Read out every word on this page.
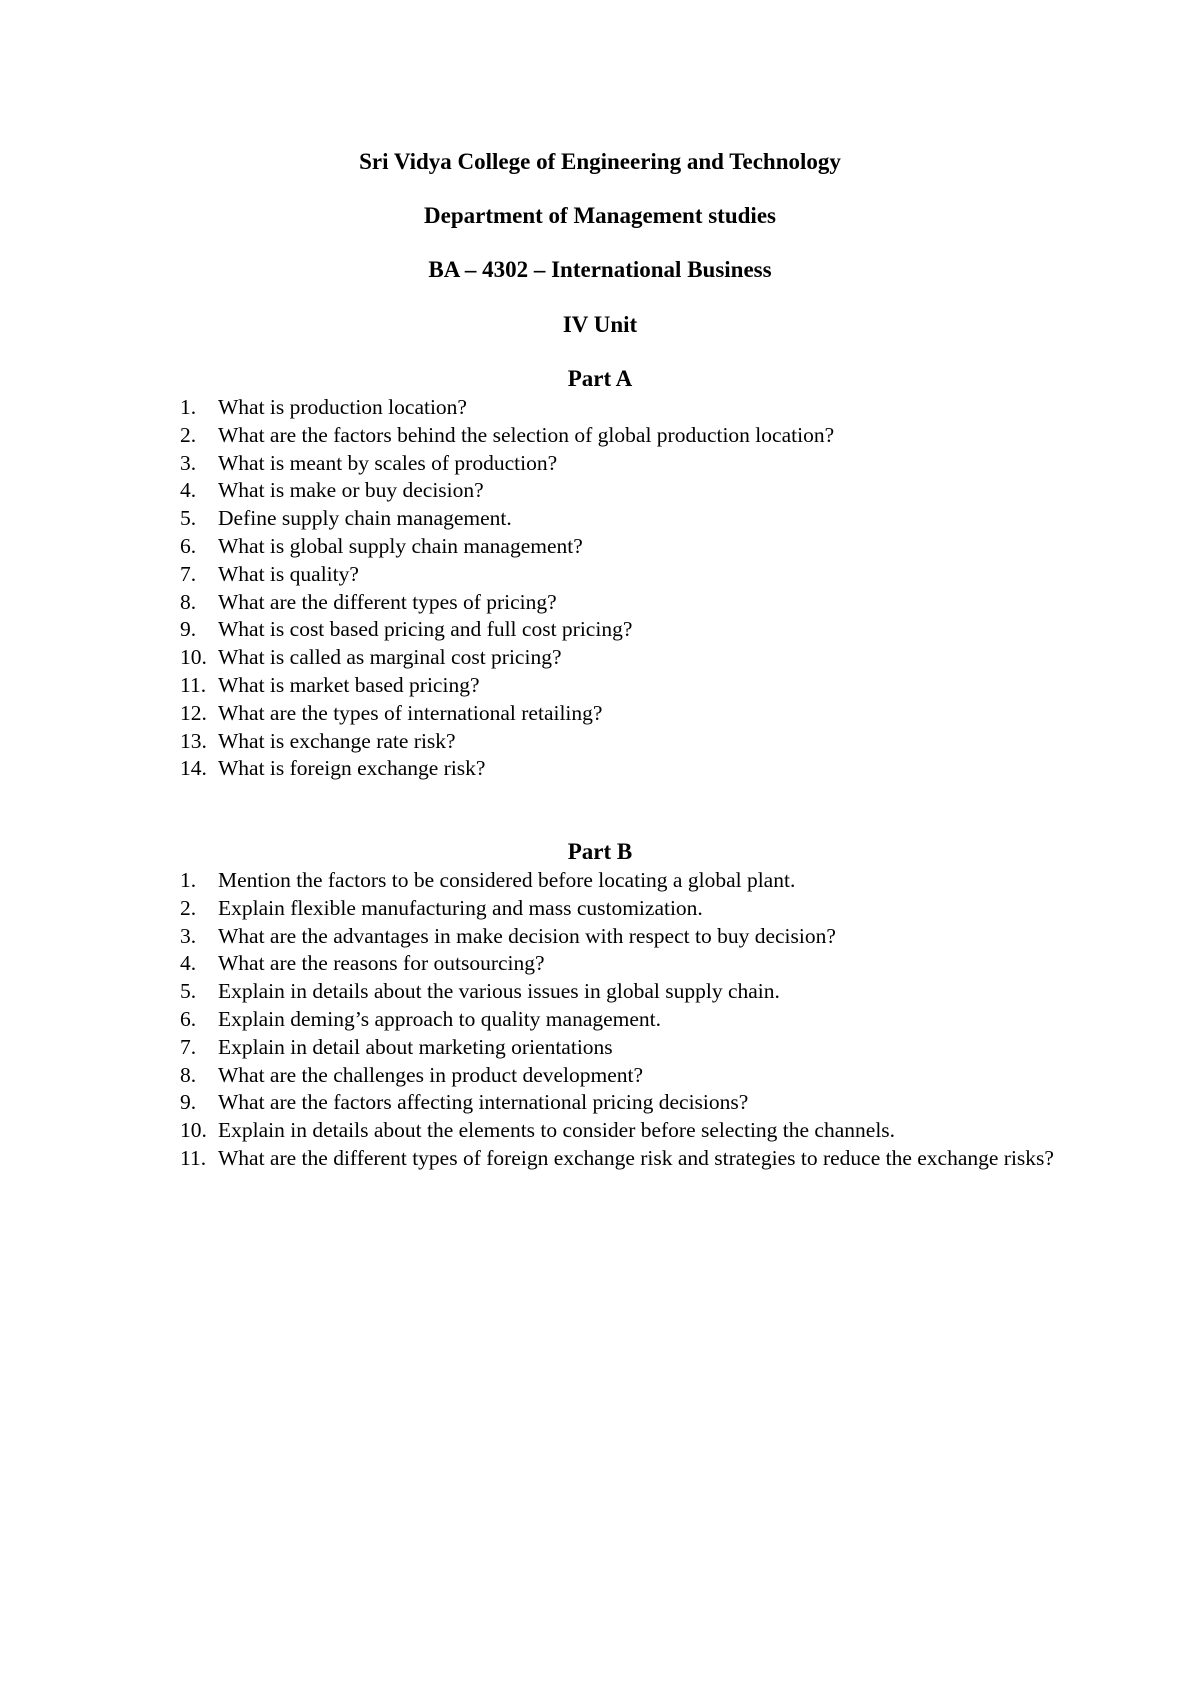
Sri Vidya College of Engineering and Technology
Department of Management studies
BA – 4302 – International Business
IV Unit
Part A
1. What is production location?
2. What are the factors behind the selection of global production location?
3. What is meant by scales of production?
4. What is make or buy decision?
5. Define supply chain management.
6. What is global supply chain management?
7. What is quality?
8. What are the different types of pricing?
9. What is cost based pricing and full cost pricing?
10. What is called as marginal cost pricing?
11. What is market based pricing?
12. What are the types of international retailing?
13. What is exchange rate risk?
14. What is foreign exchange risk?
Part B
1. Mention the factors to be considered before locating a global plant.
2. Explain flexible manufacturing and mass customization.
3. What are the advantages in make decision with respect to buy decision?
4. What are the reasons for outsourcing?
5. Explain in details about the various issues in global supply chain.
6. Explain deming’s approach to quality management.
7. Explain in detail about marketing orientations
8. What are the challenges in product development?
9. What are the factors affecting international pricing decisions?
10. Explain in details about the elements to consider before selecting the channels.
11. What are the different types of foreign exchange risk and strategies to reduce the exchange risks?
